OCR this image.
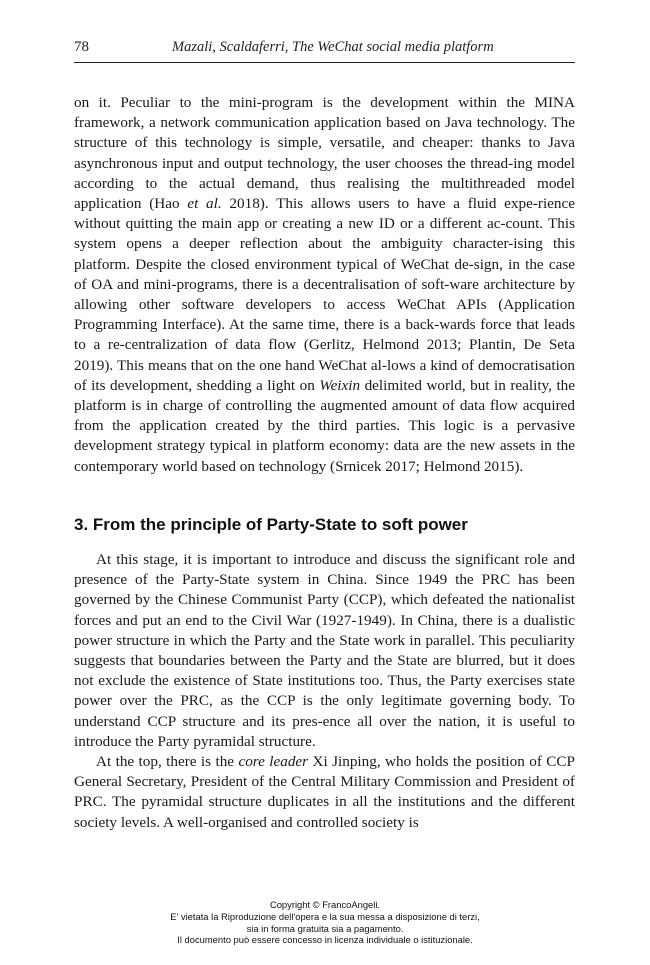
78	Mazali, Scaldaferri, The WeChat social media platform

on it. Peculiar to the mini-program is the development within the MINA framework, a network communication application based on Java technology. The structure of this technology is simple, versatile, and cheaper: thanks to Java asynchronous input and output technology, the user chooses the thread-ing model according to the actual demand, thus realising the multithreaded model application (Hao et al. 2018). This allows users to have a fluid expe-rience without quitting the main app or creating a new ID or a different ac-count. This system opens a deeper reflection about the ambiguity character-ising this platform. Despite the closed environment typical of WeChat de-sign, in the case of OA and mini-programs, there is a decentralisation of soft-ware architecture by allowing other software developers to access WeChat APIs (Application Programming Interface). At the same time, there is a back-wards force that leads to a re-centralization of data flow (Gerlitz, Helmond 2013; Plantin, De Seta 2019). This means that on the one hand WeChat al-lows a kind of democratisation of its development, shedding a light on Weixin delimited world, but in reality, the platform is in charge of controlling the augmented amount of data flow acquired from the application created by the third parties. This logic is a pervasive development strategy typical in platform economy: data are the new assets in the contemporary world based on technology (Srnicek 2017; Helmond 2015).

3. From the principle of Party-State to soft power

At this stage, it is important to introduce and discuss the significant role and presence of the Party-State system in China. Since 1949 the PRC has been governed by the Chinese Communist Party (CCP), which defeated the nationalist forces and put an end to the Civil War (1927-1949). In China, there is a dualistic power structure in which the Party and the State work in parallel. This peculiarity suggests that boundaries between the Party and the State are blurred, but it does not exclude the existence of State institutions too. Thus, the Party exercises state power over the PRC, as the CCP is the only legitimate governing body. To understand CCP structure and its pres-ence all over the nation, it is useful to introduce the Party pyramidal structure.

At the top, there is the core leader Xi Jinping, who holds the position of CCP General Secretary, President of the Central Military Commission and President of PRC. The pyramidal structure duplicates in all the institutions and the different society levels. A well-organised and controlled society is

Copyright © FrancoAngeli.
E' vietata la Riproduzione dell'opera e la sua messa a disposizione di terzi,
sia in forma gratuita sia a pagamento.
Il documento può essere concesso in licenza individuale o istituzionale.
